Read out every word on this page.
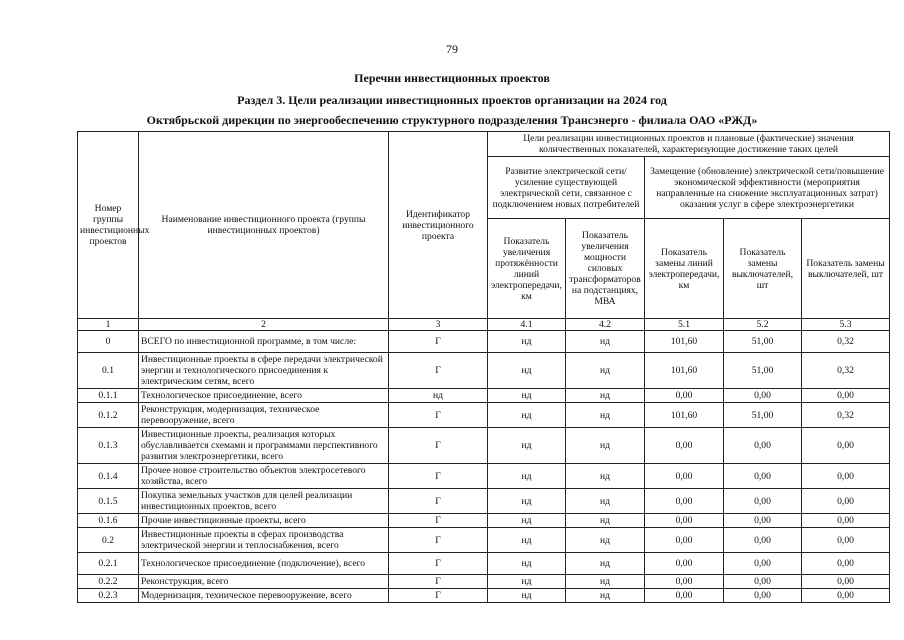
79
Перечни инвестиционных проектов
Раздел 3. Цели реализации инвестиционных проектов организации на 2024 год
Октябрьской дирекции по энергообеспечению структурного подразделения Трансэнерго - филиала ОАО «РЖД»
Номер группы инвестиционных проектов	Наименование инвестиционного проекта (группы инвестиционных проектов)	Идентификатор инвестиционного проекта	Цели реализации инвестиционных проектов и плановые (фактические) значения количественных показателей, характеризующие достижение таких целей				
			Развитие электрической сети/усиление существующей электрической сети, связанное с подключением новых потребителей		Замещение (обновление) электрической сети/повышение экономической эффективности (мероприятия направленные на снижение эксплуатационных затрат) оказания услуг в сфере электроэнергетики		
			Показатель увеличения протяжённости линий электропередачи, км	Показатель увеличения мощности силовых трансформаторов на подстанциях, МВА	Показатель замены линий электропередачи, км	Показатель замены выключателей, шт	Показатель замены выключателей, шт
1	2	3	4.1	4.2	5.1	5.2	5.3
0	ВСЕГО по инвестиционной программе, в том числе:	Г	нд	нд	101,60	51,00	0,32
0.1	Инвестиционные проекты в сфере передачи электрической энергии и технологического присоединения к электрическим сетям, всего	Г	нд	нд	101,60	51,00	0,32
0.1.1	Технологическое присоединение, всего	нд	нд	нд	0,00	0,00	0,00
0.1.2	Реконструкция, модернизация, техническое перевооружение, всего	Г	нд	нд	101,60	51,00	0,32
0.1.3	Инвестиционные проекты, реализация которых обуславливается схемами и программами перспективного развития электроэнергетики, всего	Г	нд	нд	0,00	0,00	0,00
0.1.4	Прочее новое строительство объектов электросетевого хозяйства, всего	Г	нд	нд	0,00	0,00	0,00
0.1.5	Покупка земельных участков для целей реализации инвестиционных проектов, всего	Г	нд	нд	0,00	0,00	0,00
0.1.6	Прочие инвестиционные проекты, всего	Г	нд	нд	0,00	0,00	0,00
0.2	Инвестиционные проекты в сферах производства электрической энергии и теплоснабжения, всего	Г	нд	нд	0,00	0,00	0,00
0.2.1	Технологическое присоединение (подключение), всего	Г	нд	нд	0,00	0,00	0,00
0.2.2	Реконструкция, всего	Г	нд	нд	0,00	0,00	0,00
0.2.3	Модернизация, техническое перевооружение, всего	Г	нд	нд	0,00	0,00	0,00
